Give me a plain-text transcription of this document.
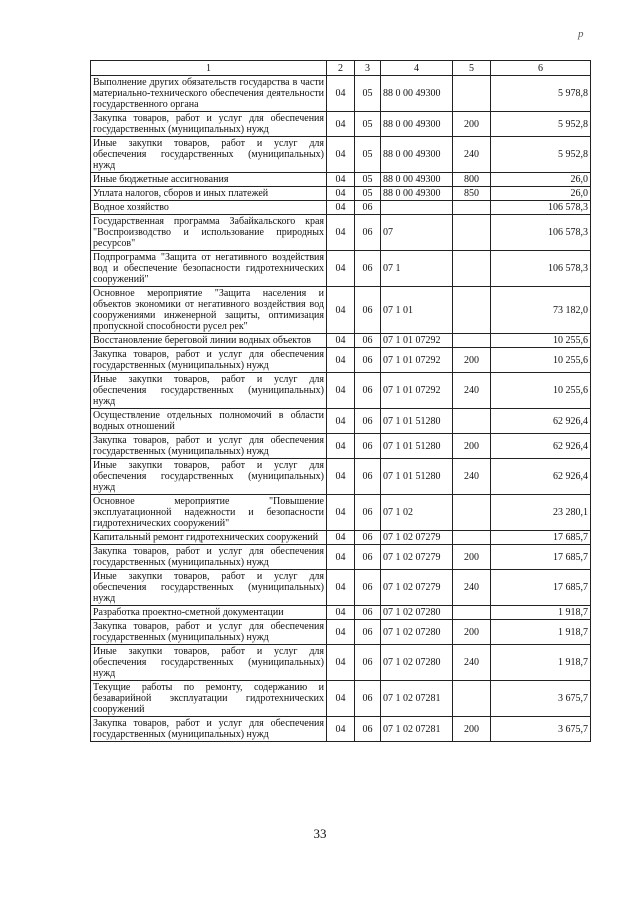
р
1	2	3	4	5	6
Выполнение других обязательств государства в части материально-технического обеспечения деятельности государственного органа	04	05	88 0 00 49300		5 978,8
Закупка товаров, работ и услуг для обеспечения государственных (муниципальных) нужд	04	05	88 0 00 49300	200	5 952,8
Иные закупки товаров, работ и услуг для обеспечения государственных (муниципальных) нужд	04	05	88 0 00 49300	240	5 952,8
Иные бюджетные ассигнования	04	05	88 0 00 49300	800	26,0
Уплата налогов, сборов и иных платежей	04	05	88 0 00 49300	850	26,0
Водное хозяйство	04	06			106 578,3
Государственная программа Забайкальского края "Воспроизводство и использование природных ресурсов"	04	06	07		106 578,3
Подпрограмма "Защита от негативного воздействия вод и обеспечение безопасности гидротехнических сооружений"	04	06	07 1		106 578,3
Основное мероприятие "Защита населения и объектов экономики от негативного воздействия вод сооружениями инженерной защиты, оптимизация пропускной способности русел рек"	04	06	07 1 01		73 182,0
Восстановление береговой линии водных объектов	04	06	07 1 01 07292		10 255,6
Закупка товаров, работ и услуг для обеспечения государственных (муниципальных) нужд	04	06	07 1 01 07292	200	10 255,6
Иные закупки товаров, работ и услуг для обеспечения государственных (муниципальных) нужд	04	06	07 1 01 07292	240	10 255,6
Осуществление отдельных полномочий в области водных отношений	04	06	07 1 01 51280		62 926,4
Закупка товаров, работ и услуг для обеспечения государственных (муниципальных) нужд	04	06	07 1 01 51280	200	62 926,4
Иные закупки товаров, работ и услуг для обеспечения государственных (муниципальных) нужд	04	06	07 1 01 51280	240	62 926,4
Основное мероприятие "Повышение эксплуатационной надежности и безопасности гидротехнических сооружений"	04	06	07 1 02		23 280,1
Капитальный ремонт гидротехнических сооружений	04	06	07 1 02 07279		17 685,7
Закупка товаров, работ и услуг для обеспечения государственных (муниципальных) нужд	04	06	07 1 02 07279	200	17 685,7
Иные закупки товаров, работ и услуг для обеспечения государственных (муниципальных) нужд	04	06	07 1 02 07279	240	17 685,7
Разработка проектно-сметной документации	04	06	07 1 02 07280		1 918,7
Закупка товаров, работ и услуг для обеспечения государственных (муниципальных) нужд	04	06	07 1 02 07280	200	1 918,7
Иные закупки товаров, работ и услуг для обеспечения государственных (муниципальных) нужд	04	06	07 1 02 07280	240	1 918,7
Текущие работы по ремонту, содержанию и безаварийной эксплуатации гидротехнических сооружений	04	06	07 1 02 07281		3 675,7
Закупка товаров, работ и услуг для обеспечения государственных (муниципальных) нужд	04	06	07 1 02 07281	200	3 675,7
33
